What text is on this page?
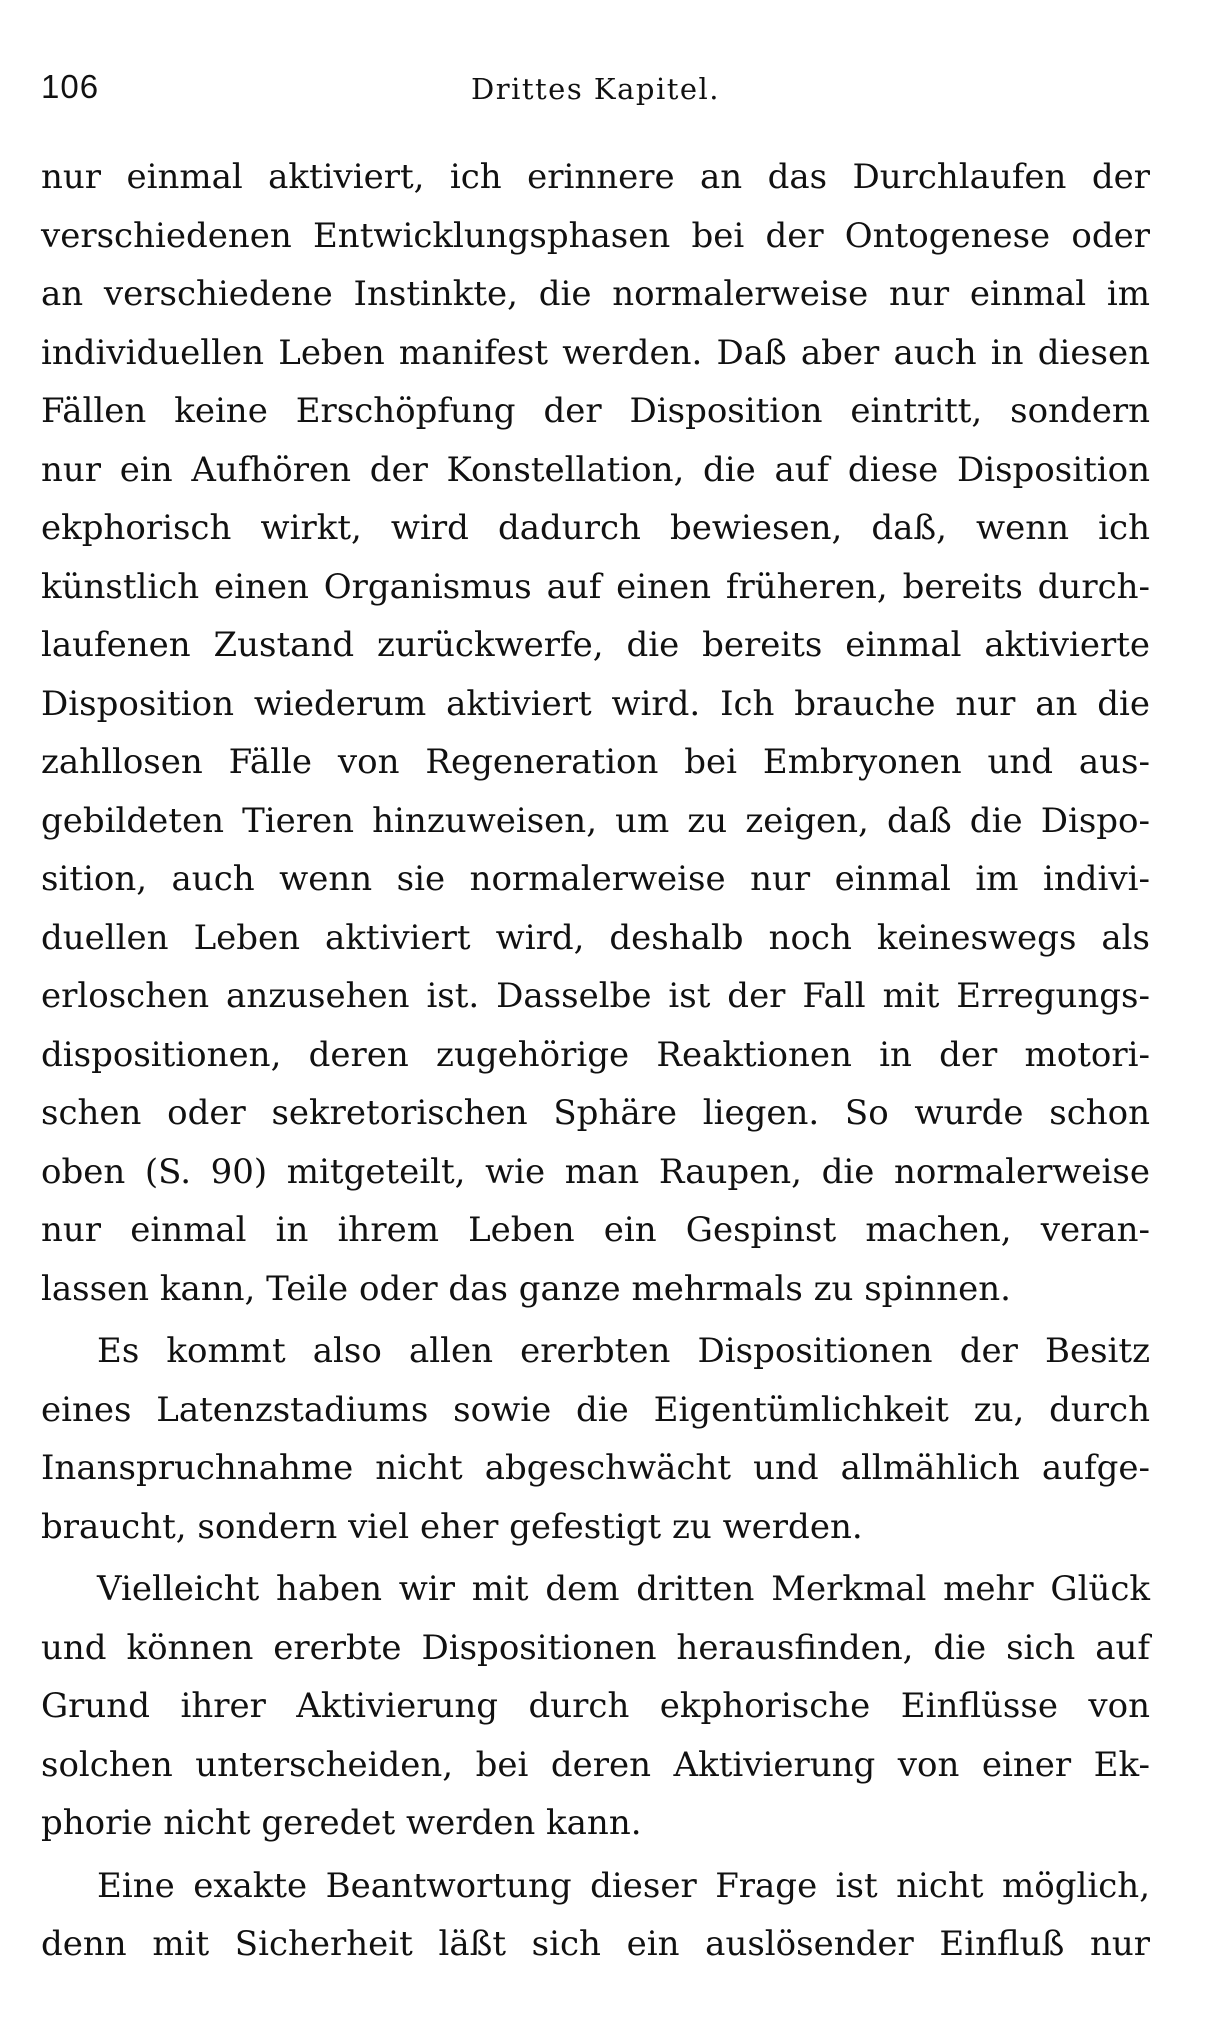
106	Drittes Kapitel.

nur einmal aktiviert, ich erinnere an das Durchlaufen der
verschiedenen Entwicklungsphasen bei der Ontogenese oder
an verschiedene Instinkte, die normalerweise nur einmal im
individuellen Leben manifest werden. Daß aber auch in diesen
Fällen keine Erschöpfung der Disposition eintritt, sondern
nur ein Aufhören der Konstellation, die auf diese Disposition
ekphorisch wirkt, wird dadurch bewiesen, daß, wenn ich
künstlich einen Organismus auf einen früheren, bereits durch-
laufenen Zustand zurückwerfe, die bereits einmal aktivierte
Disposition wiederum aktiviert wird. Ich brauche nur an die
zahllosen Fälle von Regeneration bei Embryonen und aus-
gebildeten Tieren hinzuweisen, um zu zeigen, daß die Dispo-
sition, auch wenn sie normalerweise nur einmal im indivi-
duellen Leben aktiviert wird, deshalb noch keineswegs als
erloschen anzusehen ist. Dasselbe ist der Fall mit Erregungs-
dispositionen, deren zugehörige Reaktionen in der motori-
schen oder sekretorischen Sphäre liegen. So wurde schon
oben (S. 90) mitgeteilt, wie man Raupen, die normalerweise
nur einmal in ihrem Leben ein Gespinst machen, veran-
lassen kann, Teile oder das ganze mehrmals zu spinnen.

Es kommt also allen ererbten Dispositionen der Besitz
eines Latenzstadiums sowie die Eigentümlichkeit zu, durch
Inanspruchnahme nicht abgeschwächt und allmählich aufge-
braucht, sondern viel eher gefestigt zu werden.

Vielleicht haben wir mit dem dritten Merkmal mehr Glück
und können ererbte Dispositionen herausfinden, die sich auf
Grund ihrer Aktivierung durch ekphorische Einflüsse von
solchen unterscheiden, bei deren Aktivierung von einer Ek-
phorie nicht geredet werden kann.

Eine exakte Beantwortung dieser Frage ist nicht möglich,
denn mit Sicherheit läßt sich ein auslösender Einfluß nur
